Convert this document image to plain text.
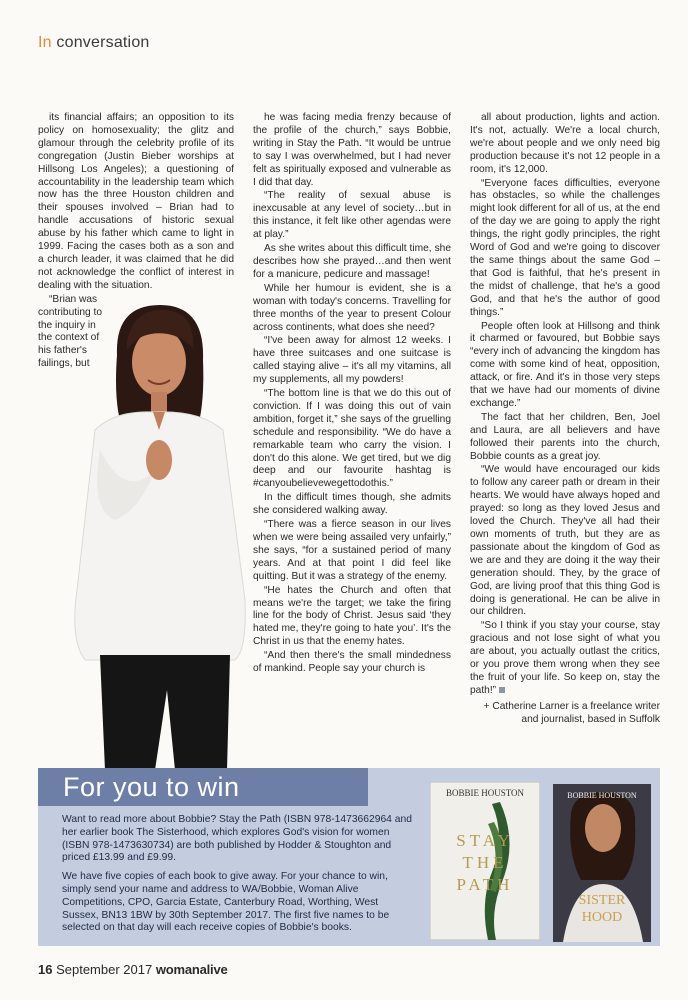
In conversation

its financial affairs; an opposition to its policy on homosexuality; the glitz and glamour through the celebrity profile of its congregation (Justin Bieber worships at Hillsong Los Angeles); a questioning of accountability in the leadership team which now has the three Houston children and their spouses involved – Brian had to handle accusations of historic sexual abuse by his father which came to light in 1999. Facing the cases both as a son and a church leader, it was claimed that he did not acknowledge the conflict of interest in dealing with the situation.

“Brian was contributing to the inquiry in the context of his father's failings, but

he was facing media frenzy because of the profile of the church,” says Bobbie, writing in Stay the Path. “It would be untrue to say I was overwhelmed, but I had never felt as spiritually exposed and vulnerable as I did that day.

“The reality of sexual abuse is inexcusable at any level of society…but in this instance, it felt like other agendas were at play.”

As she writes about this difficult time, she describes how she prayed…and then went for a manicure, pedicure and massage!

While her humour is evident, she is a woman with today's concerns. Travelling for three months of the year to present Colour across continents, what does she need?

“I've been away for almost 12 weeks. I have three suitcases and one suitcase is called staying alive – it's all my vitamins, all my supplements, all my powders!

“The bottom line is that we do this out of conviction. If I was doing this out of vain ambition, forget it,” she says of the gruelling schedule and responsibility. “We do have a remarkable team who carry the vision. I don't do this alone. We get tired, but we dig deep and our favourite hashtag is #canyoubelievewegettodothis.”

In the difficult times though, she admits she considered walking away.

“There was a fierce season in our lives when we were being assailed very unfairly,” she says, “for a sustained period of many years. And at that point I did feel like quitting. But it was a strategy of the enemy.

“He hates the Church and often that means we're the target; we take the firing line for the body of Christ. Jesus said ‘they hated me, they're going to hate you’. It's the Christ in us that the enemy hates.

“And then there's the small mindedness of mankind. People say your church is

all about production, lights and action. It's not, actually. We're a local church, we're about people and we only need big production because it's not 12 people in a room, it's 12,000.

“Everyone faces difficulties, everyone has obstacles, so while the challenges might look different for all of us, at the end of the day we are going to apply the right things, the right godly principles, the right Word of God and we're going to discover the same things about the same God – that God is faithful, that he's present in the midst of challenge, that he's a good God, and that he's the author of good things.”

People often look at Hillsong and think it charmed or favoured, but Bobbie says “every inch of advancing the kingdom has come with some kind of heat, opposition, attack, or fire. And it's in those very steps that we have had our moments of divine exchange.”

The fact that her children, Ben, Joel and Laura, are all believers and have followed their parents into the church, Bobbie counts as a great joy.

“We would have encouraged our kids to follow any career path or dream in their hearts. We would have always hoped and prayed: so long as they loved Jesus and loved the Church. They've all had their own moments of truth, but they are as passionate about the kingdom of God as we are and they are doing it the way their generation should. They, by the grace of God, are living proof that this thing God is doing is generational. He can be alive in our children.

“So I think if you stay your course, stay gracious and not lose sight of what you are about, you actually outlast the critics, or you prove them wrong when they see the fruit of your life. So keep on, stay the path!”

+ Catherine Larner is a freelance writer
and journalist, based in Suffolk

For you to win

Want to read more about Bobbie? Stay the Path (ISBN 978-1473662964 and her earlier book The Sisterhood, which explores God's vision for women (ISBN 978-1473630734) are both published by Hodder & Stoughton and priced £13.99 and £9.99.

We have five copies of each book to give away. For your chance to win, simply send your name and address to WA/Bobbie, Woman Alive Competitions, CPO, Garcia Estate, Canterbury Road, Worthing, West Sussex, BN13 1BW by 30th September 2017. The first five names to be selected on that day will each receive copies of Bobbie's books.

BOBBIE HOUSTON
STAY
THE
PATH
BOBBIE HOUSTON
SISTER
HOOD
16 September 2017 womanalive
